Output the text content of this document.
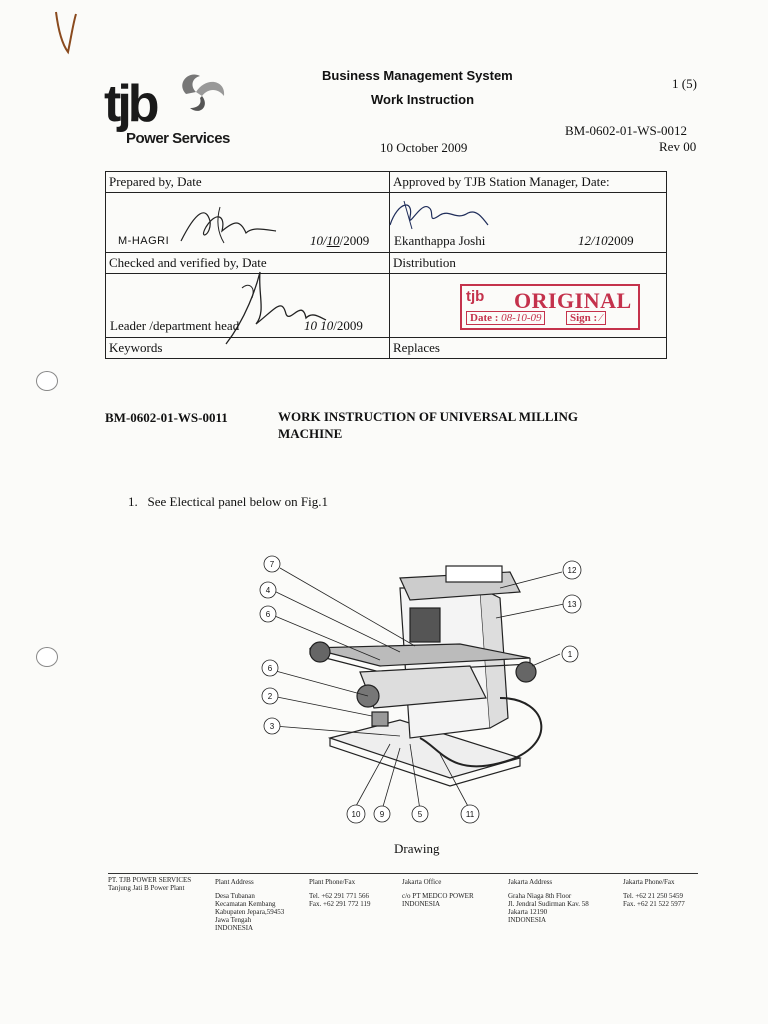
tjb
Power Services
Business Management System
Work Instruction
1 (5)
BM-0602-01-WS-0012
10 October 2009	Rev 00
Prepared by, Date	Approved by TJB Station Manager, Date:

M-HAGRI 10/10/2009	Ekanthappa Joshi 12/102009

Checked and verified by, Date	Distribution

Leader /department head 10 10/2009	tjb ORIGINAL
Date : 08-10-09 Sign : ⁄

Keywords	Replaces
BM-0602-01-WS-0011	WORK INSTRUCTION OF UNIVERSAL MILLING
MACHINE
1.   See Electical panel below on Fig.1
7
4
6
6
2
3
10 9	5	11
1
12
13
Drawing
PT. TJB POWER SERVICES
Tanjung Jati B Power Plant
Plant Address
Desa Tubanan
Kecamatan Kembang
Kabupaten Jepara,59453
Jawa Tengah
INDONESIA
Plant Phone/Fax
Tel. +62 291 771 566
Fax. +62 291 772 119
Jakarta Office
c/o PT MEDCO POWER
INDONESIA
Jakarta Address
Graha Niaga 8th Floor
Jl. Jendral Sudirman Kav. 58
Jakarta 12190
INDONESIA
Jakarta Phone/Fax
Tel. +62 21 250 5459
Fax. +62 21 522 5977
